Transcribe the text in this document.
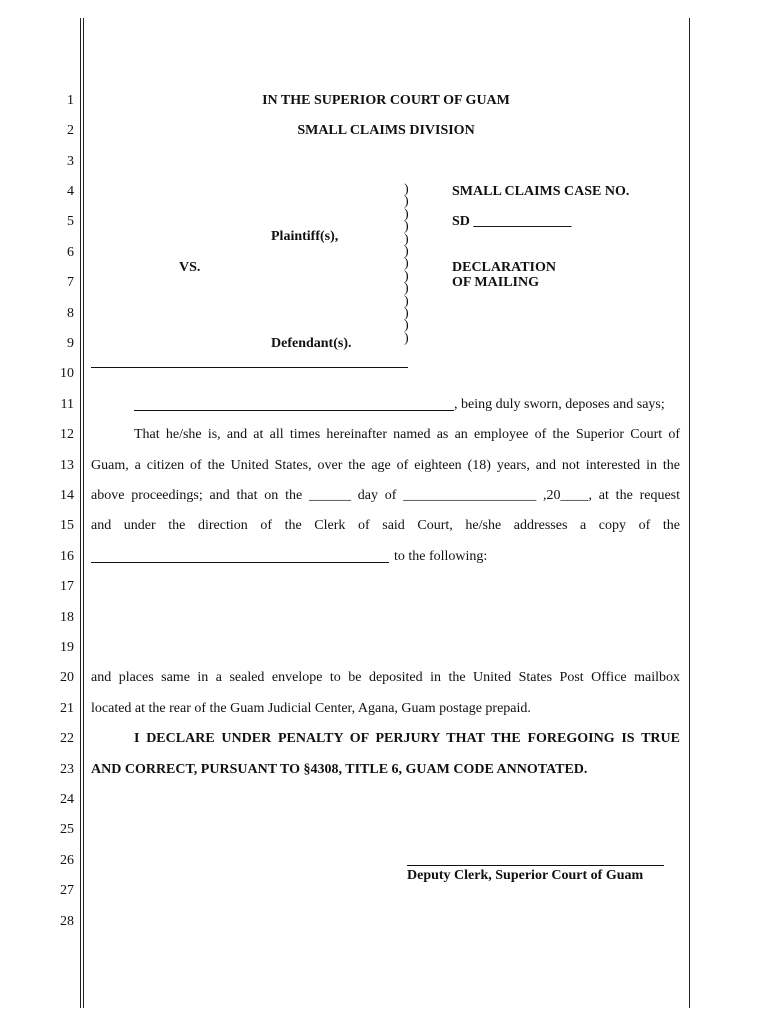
1
2
3
4
5
6
7
8
9
10
11
12
13
14
15
16
17
18
19
20
21
22
23
24
25
26
27
28
IN THE SUPERIOR COURT OF GUAM
SMALL CLAIMS DIVISION
)
)
)
)
)
)
)
)
)
)
)
)
)
SMALL CLAIMS CASE NO.
SD ______________
Plaintiff(s),
VS.	DECLARATION
OF MAILING
Defendant(s).
, being duly sworn, deposes and says;
That he/she is, and at all times hereinafter named as an employee of the Superior Court of
Guam, a citizen of the United States, over the age of eighteen (18) years, and not interested in the
above proceedings; and that on the ______ day of ___________________ ,20____, at the request
and under the direction of the Clerk of said Court, he/she addresses a copy of the
to the following:
and places same in a sealed envelope to be deposited in the United States Post Office mailbox
located at the rear of the Guam Judicial Center, Agana, Guam postage prepaid.
I DECLARE UNDER PENALTY OF PERJURY THAT THE FOREGOING IS TRUE
AND CORRECT, PURSUANT TO §4308, TITLE 6, GUAM CODE ANNOTATED.
Deputy Clerk, Superior Court of Guam
